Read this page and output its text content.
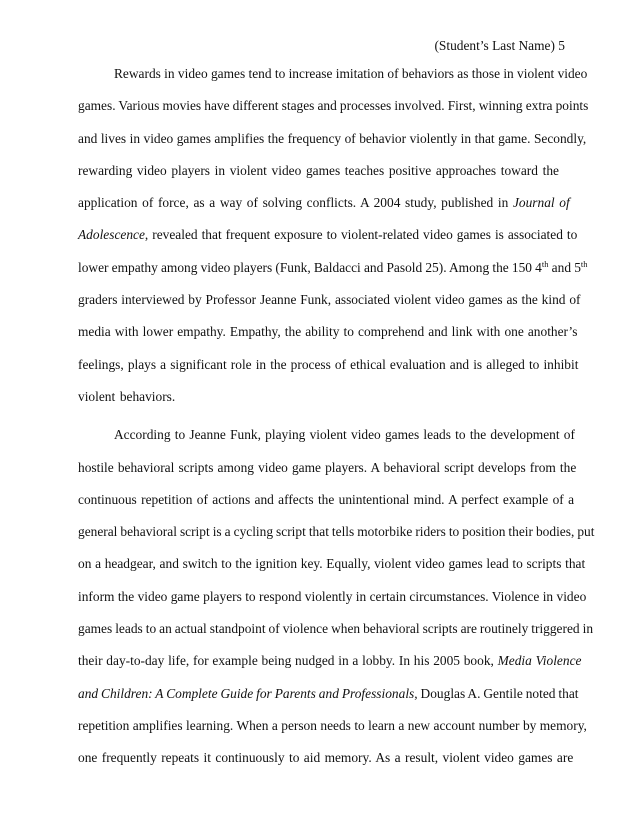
(Student’s Last Name) 5
Rewards in video games tend to increase imitation of behaviors as those in violent video
games. Various movies have different stages and processes involved. First, winning extra points
and lives in video games amplifies the frequency of behavior violently in that game. Secondly,
rewarding video players in violent video games teaches positive approaches toward the
application of force, as a way of solving conflicts. A 2004 study, published in Journal of
Adolescence, revealed that frequent exposure to violent-related video games is associated to
lower empathy among video players (Funk, Baldacci and Pasold 25). Among the 150 4th and 5th
graders interviewed by Professor Jeanne Funk, associated violent video games as the kind of
media with lower empathy. Empathy, the ability to comprehend and link with one another’s
feelings, plays a significant role in the process of ethical evaluation and is alleged to inhibit
violent behaviors.
According to Jeanne Funk, playing violent video games leads to the development of
hostile behavioral scripts among video game players. A behavioral script develops from the
continuous repetition of actions and affects the unintentional mind. A perfect example of a
general behavioral script is a cycling script that tells motorbike riders to position their bodies, put
on a headgear, and switch to the ignition key. Equally, violent video games lead to scripts that
inform the video game players to respond violently in certain circumstances. Violence in video
games leads to an actual standpoint of violence when behavioral scripts are routinely triggered in
their day-to-day life, for example being nudged in a lobby. In his 2005 book, Media Violence
and Children: A Complete Guide for Parents and Professionals, Douglas A. Gentile noted that
repetition amplifies learning. When a person needs to learn a new account number by memory,
one frequently repeats it continuously to aid memory. As a result, violent video games are
